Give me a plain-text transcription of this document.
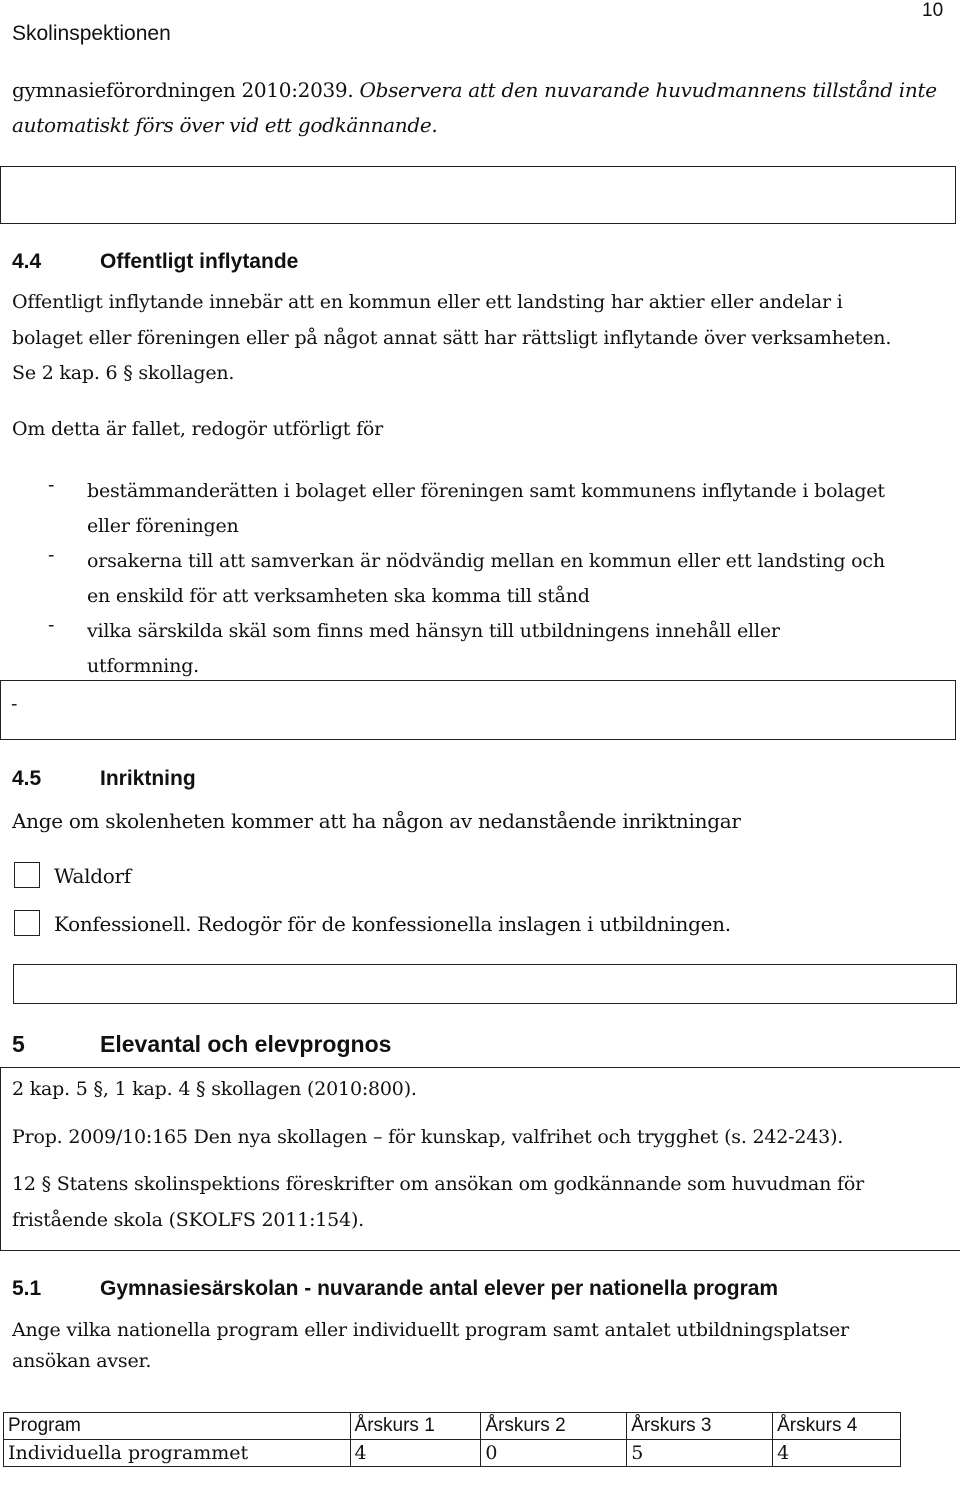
Skolinspektionen
10
gymnasieförordningen 2010:2039. Observera att den nuvarande huvudmannens tillstånd inte
automatiskt förs över vid ett godkännande.
4.4	Offentligt inflytande
Offentligt inflytande innebär att en kommun eller ett landsting har aktier eller andelar i
bolaget eller föreningen eller på något annat sätt har rättsligt inflytande över verksamheten.
Se 2 kap. 6 § skollagen.
Om detta är fallet, redogör utförligt för
- bestämmanderätten i bolaget eller föreningen samt kommunens inflytande i bolaget
eller föreningen
- orsakerna till att samverkan är nödvändig mellan en kommun eller ett landsting och
en enskild för att verksamheten ska komma till stånd
- vilka särskilda skäl som finns med hänsyn till utbildningens innehåll eller
utformning.
-
4.5	Inriktning
Ange om skolenheten kommer att ha någon av nedanstående inriktningar
Waldorf
Konfessionell. Redogör för de konfessionella inslagen i utbildningen.
5	Elevantal och elevprognos
2 kap. 5 §, 1 kap. 4 § skollagen (2010:800).
Prop. 2009/10:165 Den nya skollagen – för kunskap, valfrihet och trygghet (s. 242-243).
12 § Statens skolinspektions föreskrifter om ansökan om godkännande som huvudman för
fristående skola (SKOLFS 2011:154).
5.1	Gymnasiesärskolan - nuvarande antal elever per nationella program
Ange vilka nationella program eller individuellt program samt antalet utbildningsplatser
ansökan avser.
Program	Årskurs 1	Årskurs 2	Årskurs 3	Årskurs 4
Individuella programmet	4	0	5	4
